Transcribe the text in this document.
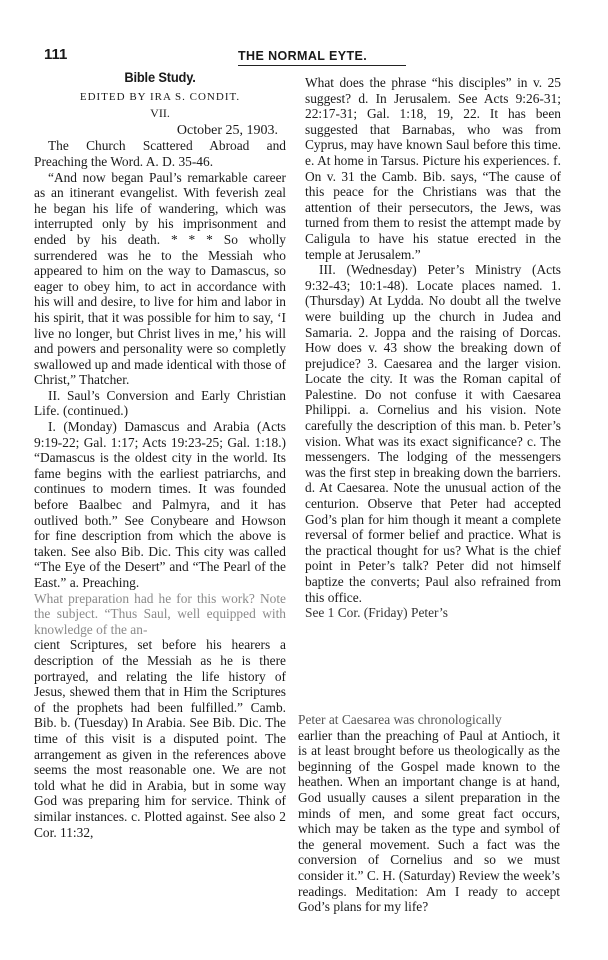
111	THE NORMAL EYTE.
Bible Study.
EDITED BY IRA S. CONDIT.
VII.
October 25, 1903.

The Church Scattered Abroad and Preaching the Word. A. D. 35-46.

“And now began Paul’s remarkable career as an itinerant evangelist. With feverish zeal he began his life of wandering, which was interrupted only by his imprisonment and ended by his death. * * * So wholly surrendered was he to the Messiah who appeared to him on the way to Damascus, so eager to obey him, to act in accordance with his will and desire, to live for him and labor in his spirit, that it was possible for him to say, ‘I live no longer, but Christ lives in me,’ his will and powers and personality were so completly swallowed up and made identical with those of Christ,” Thatcher.

II. Saul’s Conversion and Early Christian Life. (continued.)

I. (Monday) Damascus and Arabia (Acts 9:19-22; Gal. 1:17; Acts 19:23-25; Gal. 1:18.) “Damascus is the oldest city in the world. Its fame begins with the earliest patriarchs, and continues to modern times. It was founded before Baalbec and Palmyra, and it has outlived both.” See Conybeare and Howson for fine description from which the above is taken. See also Bib. Dic. This city was called “The Eye of the Desert” and “The Pearl of the East.” a. Preaching.

What preparation had he for this work? Note the subject. “Thus Saul, well equipped with knowledge of the an-

cient Scriptures, set before his hearers a description of the Messiah as he is there portrayed, and relating the life history of Jesus, shewed them that in Him the Scriptures of the prophets had been fulfilled.” Camb. Bib. b. (Tuesday) In Arabia. See Bib. Dic. The time of this visit is a disputed point. The arrangement as given in the references above seems the most reasonable one. We are not told what he did in Arabia, but in some way God was preparing him for service. Think of similar instances. c. Plotted against. See also 2 Cor. 11:32,

What does the phrase “his disciples” in v. 25 suggest? d. In Jerusalem. See Acts 9:26-31; 22:17-31; Gal. 1:18, 19, 22. It has been suggested that Barnabas, who was from Cyprus, may have known Saul before this time. e. At home in Tarsus. Picture his experiences. f. On v. 31 the Camb. Bib. says, “The cause of this peace for the Christians was that the attention of their persecutors, the Jews, was turned from them to resist the attempt made by Caligula to have his statue erected in the temple at Jerusalem.”

III. (Wednesday) Peter’s Ministry (Acts 9:32-43; 10:1-48). Locate places named. 1. (Thursday) At Lydda. No doubt all the twelve were building up the church in Judea and Samaria. 2. Joppa and the raising of Dorcas. How does v. 43 show the breaking down of prejudice? 3. Caesarea and the larger vision. Locate the city. It was the Roman capital of Palestine. Do not confuse it with Caesarea Philippi. a. Cornelius and his vision. Note carefully the description of this man. b. Peter’s vision. What was its exact significance? c. The messengers. The lodging of the messengers was the first step in breaking down the barriers. d. At Caesarea. Note the unusual action of the centurion. Observe that Peter had accepted God’s plan for him though it meant a complete reversal of former belief and practice. What is the practical thought for us? What is the chief point in Peter’s talk? Peter did not himself baptize the converts; Paul also refrained from this office.

See 1 Cor. (Friday) Peter’s
Peter at Caesarea was chronologically

earlier than the preaching of Paul at Antioch, it is at least brought before us theologically as the beginning of the Gospel made known to the heathen. When an important change is at hand, God usually causes a silent preparation in the minds of men, and some great fact occurs, which may be taken as the type and symbol of the general movement. Such a fact was the conversion of Cornelius and so we must consider it.” C. H. (Saturday) Review the week’s readings. Meditation: Am I ready to accept God’s plans for my life?
